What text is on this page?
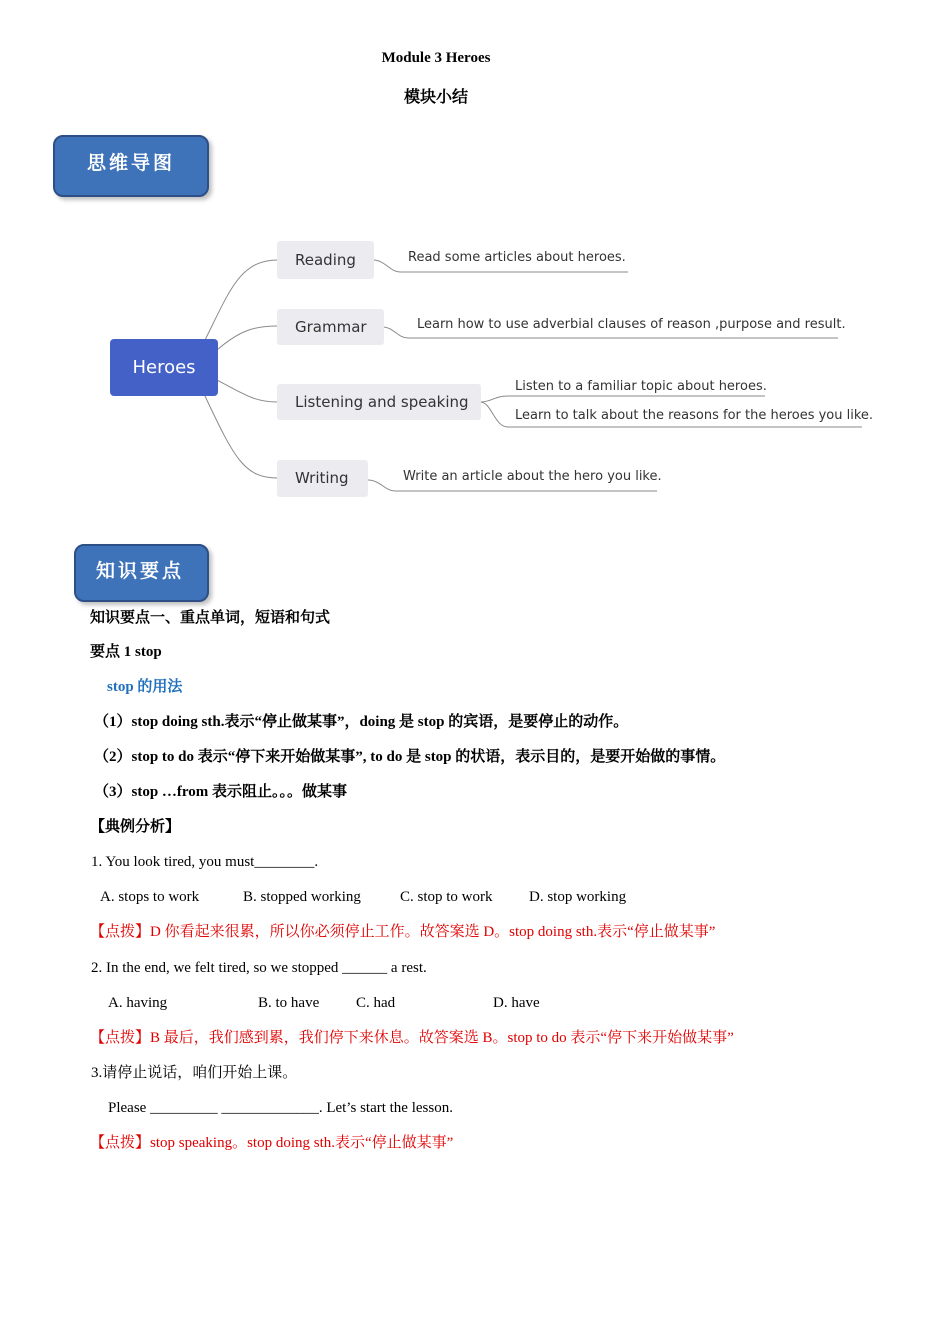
Module 3 Heroes
模块小结
思维导图
Heroes
Reading
Grammar
Listening and speaking
Writing
Read some articles about heroes.
Learn how to use adverbial clauses of reason ,purpose and result.
Listen to a familiar topic about heroes.
Learn to talk about the reasons for the heroes you like.
Write an article about the hero you like.
知识要点
知识要点一、重点单词，短语和句式
要点 1 stop
stop 的用法
（1）stop doing sth.表示“停止做某事”，doing 是 stop 的宾语，是要停止的动作。
（2）stop to do 表示“停下来开始做某事”, to do 是 stop 的状语，表示目的，是要开始做的事情。
（3）stop …from 表示阻止。。。做某事
【典例分析】
1. You look tired, you must________.
A. stops to work	B. stopped working	C. stop to work D. stop working
【点拨】D 你看起来很累，所以你必须停止工作。故答案选 D。stop doing sth.表示“停止做某事”
2. In the end, we felt tired, so we stopped ______ a rest.
A. having	B. to have C. had	D. have
【点拨】B 最后，我们感到累，我们停下来休息。故答案选 B。stop to do 表示“停下来开始做某事”
3.请停止说话，咱们开始上课。
Please _________ _____________. Let’s start the lesson.
【点拨】stop speaking。stop doing sth.表示“停止做某事”
